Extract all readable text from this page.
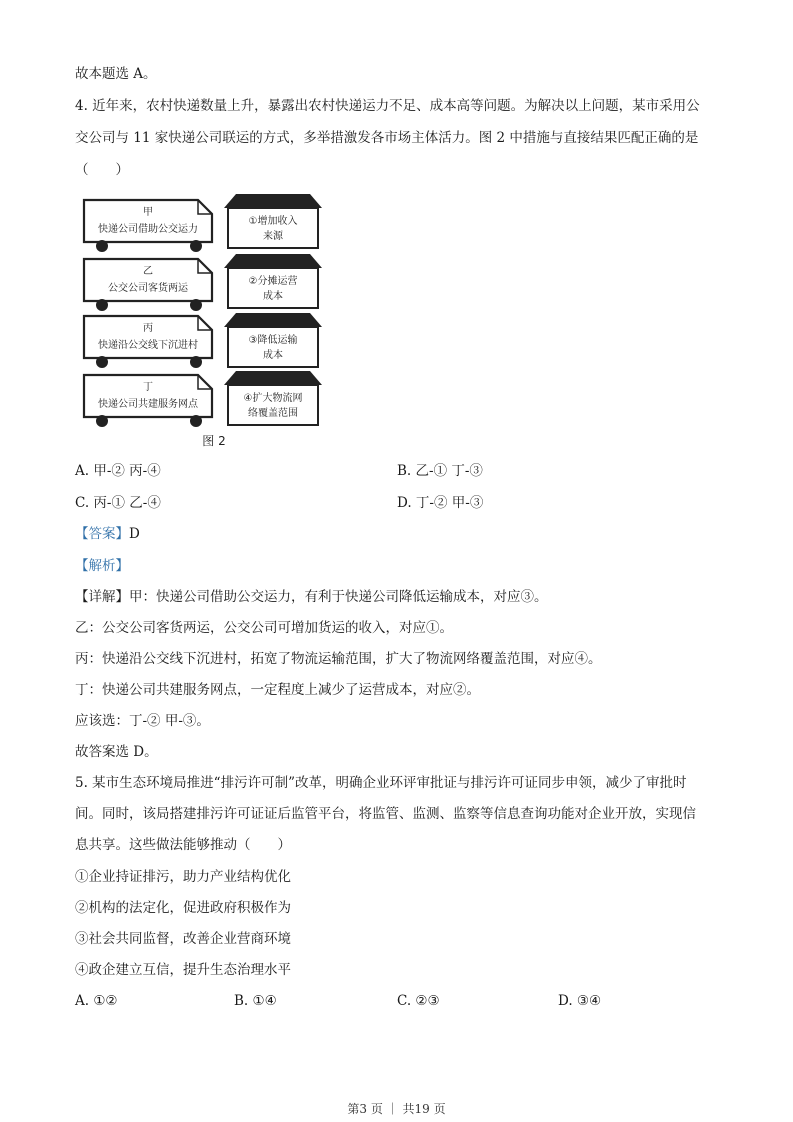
故本题选 A。
4. 近年来，农村快递数量上升，暴露出农村快递运力不足、成本高等问题。为解决以上问题，某市采用公
交公司与 11 家快递公司联运的方式，多举措激发各市场主体活力。图 2 中措施与直接结果匹配正确的是
（　　）
甲
快递公司借助公交运力
乙
公交公司客货两运
丙
快递沿公交线下沉进村
丁
快递公司共建服务网点
①增加收入
来源
②分摊运营
成本
③降低运输
成本
④扩大物流网
络覆盖范围
图 2
A. 甲-② 丙-④	B. 乙-① 丁-③
C. 丙-① 乙-④	D. 丁-② 甲-③
【答案】D
【解析】
【详解】甲：快递公司借助公交运力，有利于快递公司降低运输成本，对应③。
乙：公交公司客货两运，公交公司可增加货运的收入，对应①。
丙：快递沿公交线下沉进村，拓宽了物流运输范围，扩大了物流网络覆盖范围，对应④。
丁：快递公司共建服务网点，一定程度上减少了运营成本，对应②。
应该选：丁-② 甲-③。
故答案选 D。
5. 某市生态环境局推进“排污许可制”改革，明确企业环评审批证与排污许可证同步申领，减少了审批时
间。同时，该局搭建排污许可证证后监管平台，将监管、监测、监察等信息查询功能对企业开放，实现信
息共享。这些做法能够推动（　　）
①企业持证排污，助力产业结构优化
②机构的法定化，促进政府积极作为
③社会共同监督，改善企业营商环境
④政企建立互信，提升生态治理水平
A. ①②	B. ①④	C. ②③	D. ③④
第3 页 ｜ 共19 页
